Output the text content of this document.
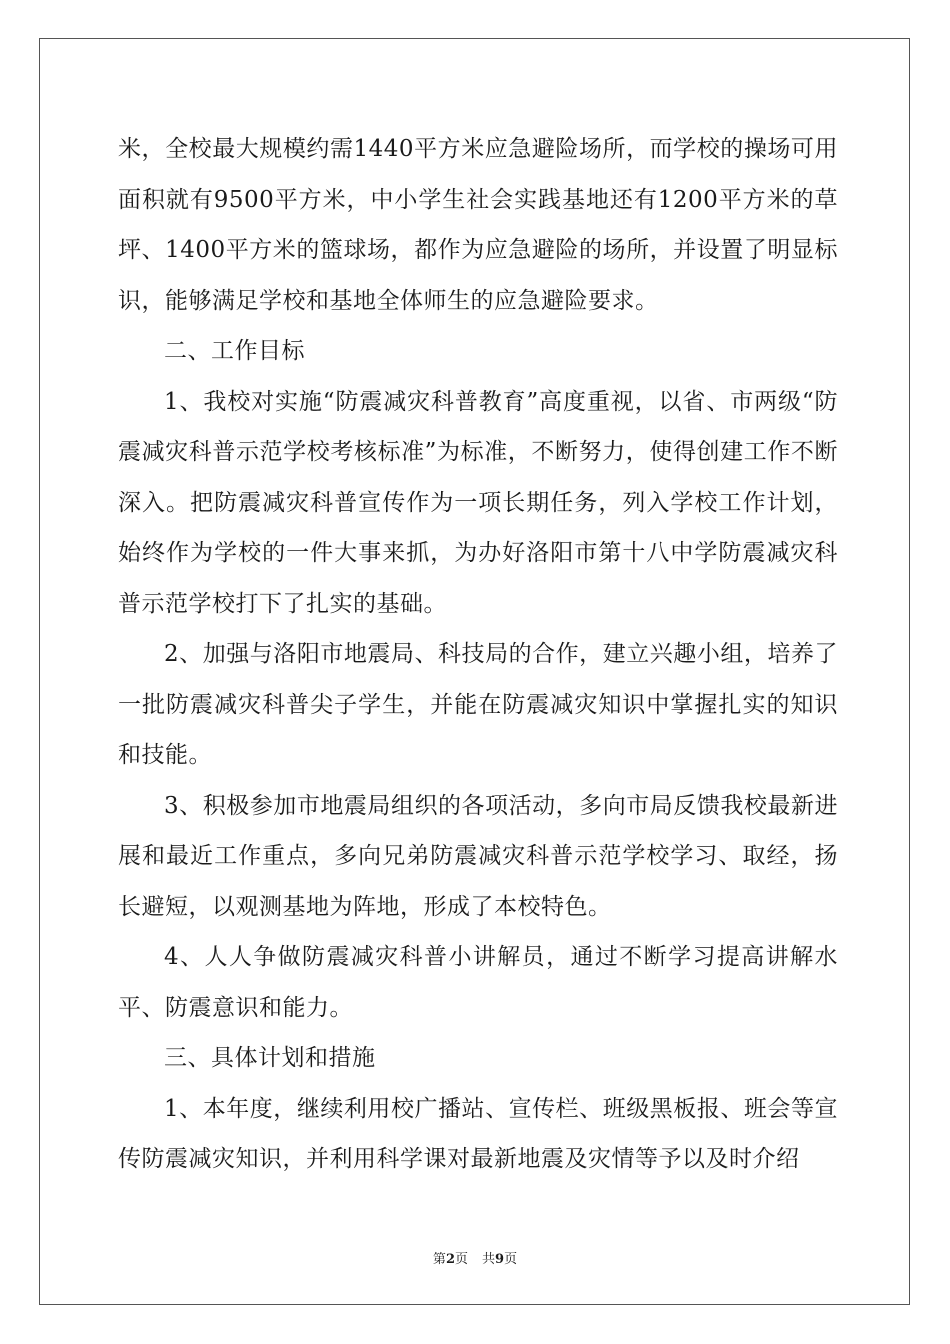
米，全校最大规模约需1440平方米应急避险场所，而学校的操场可用面积就有9500平方米，中小学生社会实践基地还有1200平方米的草坪、1400平方米的篮球场，都作为应急避险的场所，并设置了明显标识，能够满足学校和基地全体师生的应急避险要求。

二、工作目标

1、我校对实施“防震减灾科普教育”高度重视，以省、市两级“防震减灾科普示范学校考核标准”为标准，不断努力，使得创建工作不断深入。把防震减灾科普宣传作为一项长期任务，列入学校工作计划，始终作为学校的一件大事来抓，为办好洛阳市第十八中学防震减灾科普示范学校打下了扎实的基础。

2、加强与洛阳市地震局、科技局的合作，建立兴趣小组，培养了一批防震减灾科普尖子学生，并能在防震减灾知识中掌握扎实的知识和技能。

3、积极参加市地震局组织的各项活动，多向市局反馈我校最新进展和最近工作重点，多向兄弟防震减灾科普示范学校学习、取经，扬长避短，以观测基地为阵地，形成了本校特色。

4、人人争做防震减灾科普小讲解员，通过不断学习提高讲解水平、防震意识和能力。

三、具体计划和措施

1、本年度，继续利用校广播站、宣传栏、班级黑板报、班会等宣传防震减灾知识，并利用科学课对最新地震及灾情等予以及时介绍

第2页 共9页
